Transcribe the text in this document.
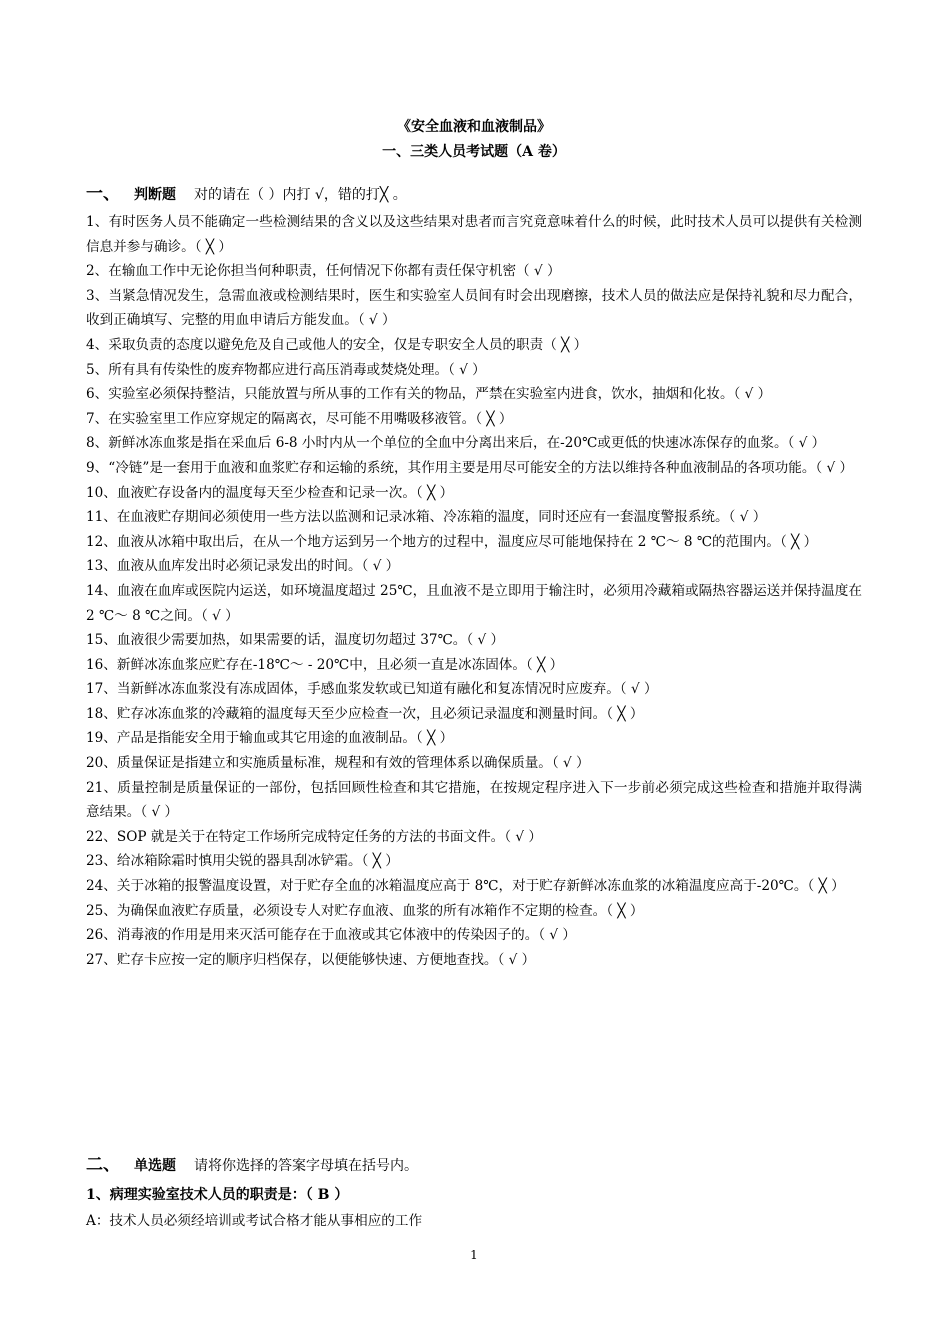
《安全血液和血液制品》
一、三类人员考试题（A 卷）
一、 判断题 对的请在（ ）内打 √，错的打╳ 。

1、有时医务人员不能确定一些检测结果的含义以及这些结果对患者而言究竟意味着什么的时候，此时技术人员可以提供有关检测信息并参与确诊。（ ╳ ）

2、在输血工作中无论你担当何种职责，任何情况下你都有责任保守机密（ √ ）

3、当紧急情况发生，急需血液或检测结果时，医生和实验室人员间有时会出现磨擦，技术人员的做法应是保持礼貌和尽力配合，收到正确填写、完整的用血申请后方能发血。（ √ ）

4、采取负责的态度以避免危及自己或他人的安全，仅是专职安全人员的职责（ ╳ ）

5、所有具有传染性的废弃物都应进行高压消毒或焚烧处理。（ √ ）

6、实验室必须保持整洁，只能放置与所从事的工作有关的物品，严禁在实验室内进食，饮水，抽烟和化妆。（ √ ）

7、在实验室里工作应穿规定的隔离衣，尽可能不用嘴吸移液管。（ ╳ ）

8、新鲜冰冻血浆是指在采血后 6-8 小时内从一个单位的全血中分离出来后，在-20℃或更低的快速冰冻保存的血浆。（ √ ）

9、“冷链”是一套用于血液和血浆贮存和运输的系统，其作用主要是用尽可能安全的方法以维持各种血液制品的各项功能。（ √ ）

10、血液贮存设备内的温度每天至少检查和记录一次。（ ╳ ）

11、在血液贮存期间必须使用一些方法以监测和记录冰箱、冷冻箱的温度，同时还应有一套温度警报系统。（ √ ）

12、血液从冰箱中取出后，在从一个地方运到另一个地方的过程中，温度应尽可能地保持在 2 ℃～ 8 ℃的范围内。（ ╳ ）

13、血液从血库发出时必须记录发出的时间。（ √ ）

14、血液在血库或医院内运送，如环境温度超过 25℃，且血液不是立即用于输注时，必须用冷藏箱或隔热容器运送并保持温度在 2 ℃～ 8 ℃之间。（ √ ）

15、血液很少需要加热，如果需要的话，温度切勿超过 37℃。（ √ ）

16、新鲜冰冻血浆应贮存在-18℃～ - 20℃中，且必须一直是冰冻固体。（ ╳ ）

17、当新鲜冰冻血浆没有冻成固体，手感血浆发软或已知道有融化和复冻情况时应废弃。（ √ ）

18、贮存冰冻血浆的冷藏箱的温度每天至少应检查一次，且必须记录温度和测量时间。（ ╳ ）

19、产品是指能安全用于输血或其它用途的血液制品。（ ╳ ）

20、质量保证是指建立和实施质量标准，规程和有效的管理体系以确保质量。（ √ ）

21、质量控制是质量保证的一部份，包括回顾性检查和其它措施，在按规定程序进入下一步前必须完成这些检查和措施并取得满意结果。（ √ ）

22、SOP 就是关于在特定工作场所完成特定任务的方法的书面文件。（ √ ）

23、给冰箱除霜时慎用尖锐的器具刮冰铲霜。（ ╳ ）

24、关于冰箱的报警温度设置，对于贮存全血的冰箱温度应高于 8℃，对于贮存新鲜冰冻血浆的冰箱温度应高于-20℃。（ ╳ ）

25、为确保血液贮存质量，必须设专人对贮存血液、血浆的所有冰箱作不定期的检查。（ ╳ ）

26、消毒液的作用是用来灭活可能存在于血液或其它体液中的传染因子的。（ √ ）

27、贮存卡应按一定的顺序归档保存，以便能够快速、方便地查找。（ √ ）

二、 单选题 请将你选择的答案字母填在括号内。
1、病理实验室技术人员的职责是：（ B ）
A：技术人员必须经培训或考试合格才能从事相应的工作
1
